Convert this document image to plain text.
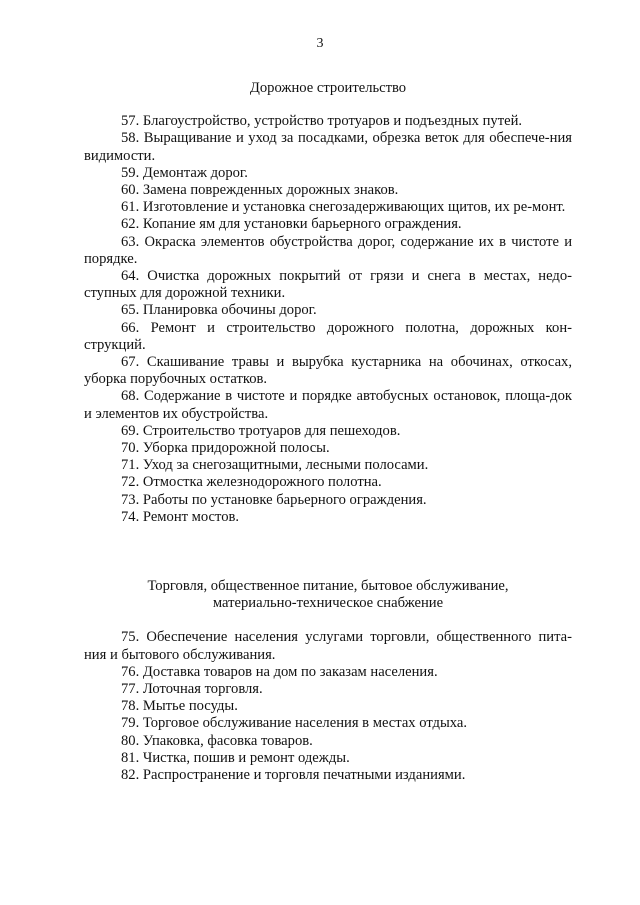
3
Дорожное строительство

57. Благоустройство, устройство тротуаров и подъездных путей.

58. Выращивание и уход за посадками, обрезка веток для обеспече-ния видимости.

59. Демонтаж дорог.

60. Замена поврежденных дорожных знаков.

61. Изготовление и установка снегозадерживающих щитов, их ре-монт.

62. Копание ям для установки барьерного ограждения.

63. Окраска элементов обустройства дорог, содержание их в чистоте и порядке.

64. Очистка дорожных покрытий от грязи и снега в местах, недо-ступных для дорожной техники.

65. Планировка обочины дорог.

66. Ремонт и строительство дорожного полотна, дорожных кон-струкций.

67. Скашивание травы и вырубка кустарника на обочинах, откосах, уборка порубочных остатков.

68. Содержание в чистоте и порядке автобусных остановок, площа-док и элементов их обустройства.

69. Строительство тротуаров для пешеходов.

70. Уборка придорожной полосы.

71. Уход за снегозащитными, лесными полосами.

72. Отмостка железнодорожного полотна.

73. Работы по установке барьерного ограждения.

74. Ремонт мостов.

Торговля, общественное питание, бытовое обслуживание,
материально-техническое снабжение

75. Обеспечение населения услугами торговли, общественного пита-ния и бытового обслуживания.

76. Доставка товаров на дом по заказам населения.

77. Лоточная торговля.

78. Мытье посуды.

79. Торговое обслуживание населения в местах отдыха.

80. Упаковка, фасовка товаров.

81. Чистка, пошив и ремонт одежды.

82. Распространение и торговля печатными изданиями.
